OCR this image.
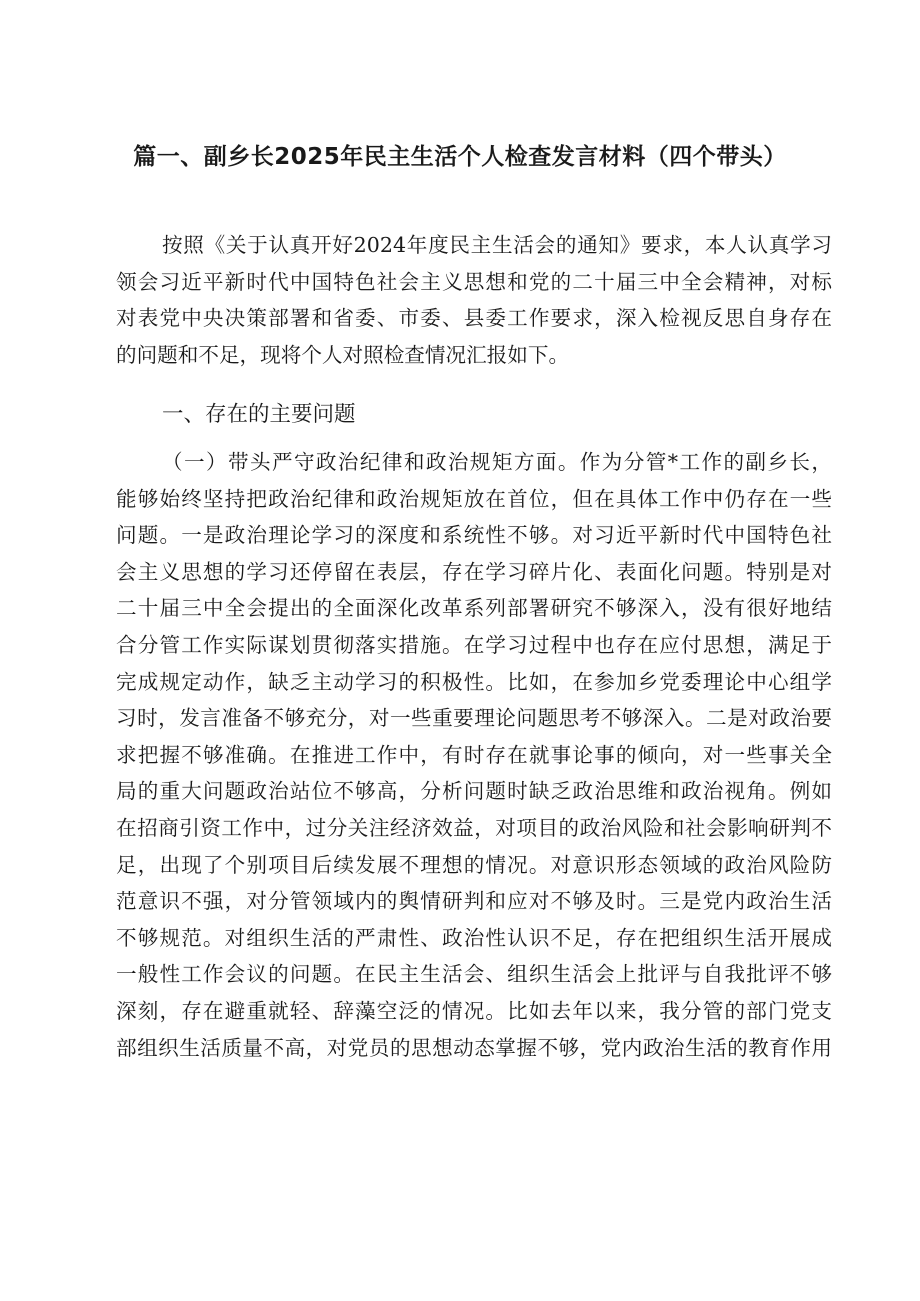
篇一、副乡长2025年民主生活个人检查发言材料（四个带头）
按照《关于认真开好2024年度民主生活会的通知》要求，本人认真学习
领会习近平新时代中国特色社会主义思想和党的二十届三中全会精神，对标
对表党中央决策部署和省委、市委、县委工作要求，深入检视反思自身存在
的问题和不足，现将个人对照检查情况汇报如下。
一、存在的主要问题
（一）带头严守政治纪律和政治规矩方面。作为分管*工作的副乡长，
能够始终坚持把政治纪律和政治规矩放在首位，但在具体工作中仍存在一些
问题。一是政治理论学习的深度和系统性不够。对习近平新时代中国特色社
会主义思想的学习还停留在表层，存在学习碎片化、表面化问题。特别是对
二十届三中全会提出的全面深化改革系列部署研究不够深入，没有很好地结
合分管工作实际谋划贯彻落实措施。在学习过程中也存在应付思想，满足于
完成规定动作，缺乏主动学习的积极性。比如，在参加乡党委理论中心组学
习时，发言准备不够充分，对一些重要理论问题思考不够深入。二是对政治要
求把握不够准确。在推进工作中，有时存在就事论事的倾向，对一些事关全
局的重大问题政治站位不够高，分析问题时缺乏政治思维和政治视角。例如
在招商引资工作中，过分关注经济效益，对项目的政治风险和社会影响研判不
足，出现了个别项目后续发展不理想的情况。对意识形态领域的政治风险防
范意识不强，对分管领域内的舆情研判和应对不够及时。三是党内政治生活
不够规范。对组织生活的严肃性、政治性认识不足，存在把组织生活开展成
一般性工作会议的问题。在民主生活会、组织生活会上批评与自我批评不够
深刻，存在避重就轻、辞藻空泛的情况。比如去年以来，我分管的部门党支
部组织生活质量不高，对党员的思想动态掌握不够，党内政治生活的教育作用
